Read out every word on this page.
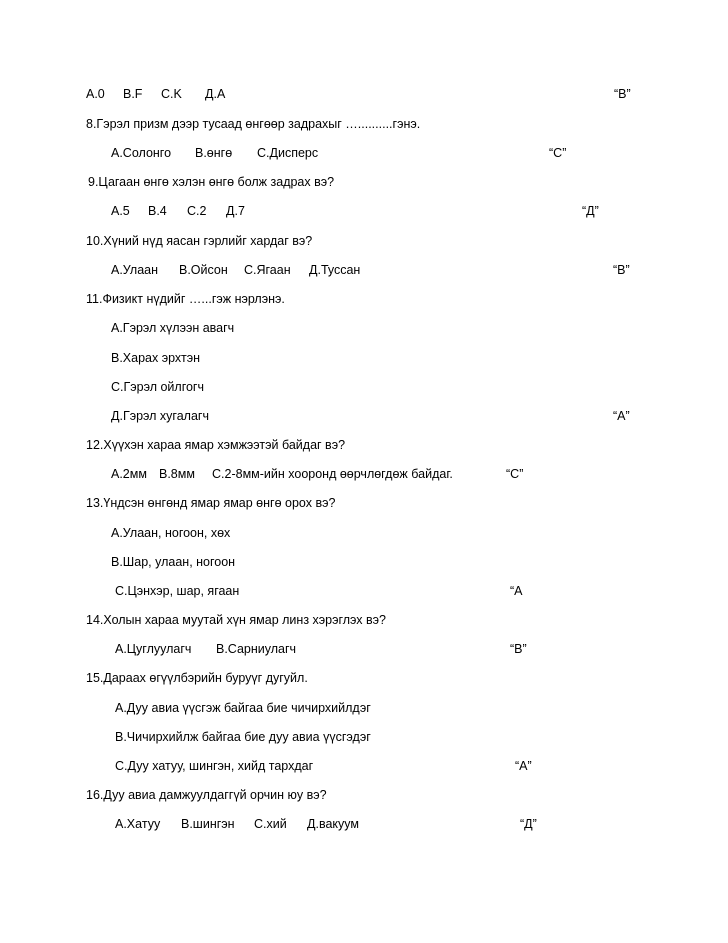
A.0 B.F C.K Д.A	“B”
8.Гэрэл призм дээр тусаад өнгөөр задрахыг …..........гэнэ.
A.Солонго B.өнгө C.Дисперс	“C”
9.Цагаан өнгө хэлэн өнгө болж задрах вэ?
A.5 B.4 C.2 Д.7	“Д”
10.Хүний нүд яасан гэрлийг хардаг вэ?
A.Улаан B.Ойсон C.Ягаан Д.Туссан	“B”
11.Физикт нүдийг …...гэж нэрлэнэ.
A.Гэрэл хүлээн авагч
B.Харах эрхтэн
C.Гэрэл ойлгогч
Д.Гэрэл хугалагч	“A”
12.Хүүхэн хараа ямар хэмжээтэй байдаг вэ?
A.2мм B.8мм C.2-8мм-ийн хооронд өөрчлөгдөж байдаг.	“C”
13.Үндсэн өнгөнд ямар ямар өнгө орох вэ?
A.Улаан, ногоон, хөх
B.Шар, улаан, ногоон
C.Цэнхэр, шар, ягаан	“A
14.Холын хараа муутай хүн ямар линз хэрэглэх вэ?
A.Цуглуулагч B.Сарниулагч	“B”
15.Дараах өгүүлбэрийн буруүг дугуйл.
A.Дуу авиа үүсгэж байгаа бие чичирхийлдэг
B.Чичирхийлж байгаа бие дуу авиа үүсгэдэг
C.Дуу хатуу, шингэн, хийд тархдаг	“A”
16.Дуу авиа дамжуулдаггүй орчин юу вэ?
A.Хатуу B.шингэн C.хий Д.вакуум	“Д”
